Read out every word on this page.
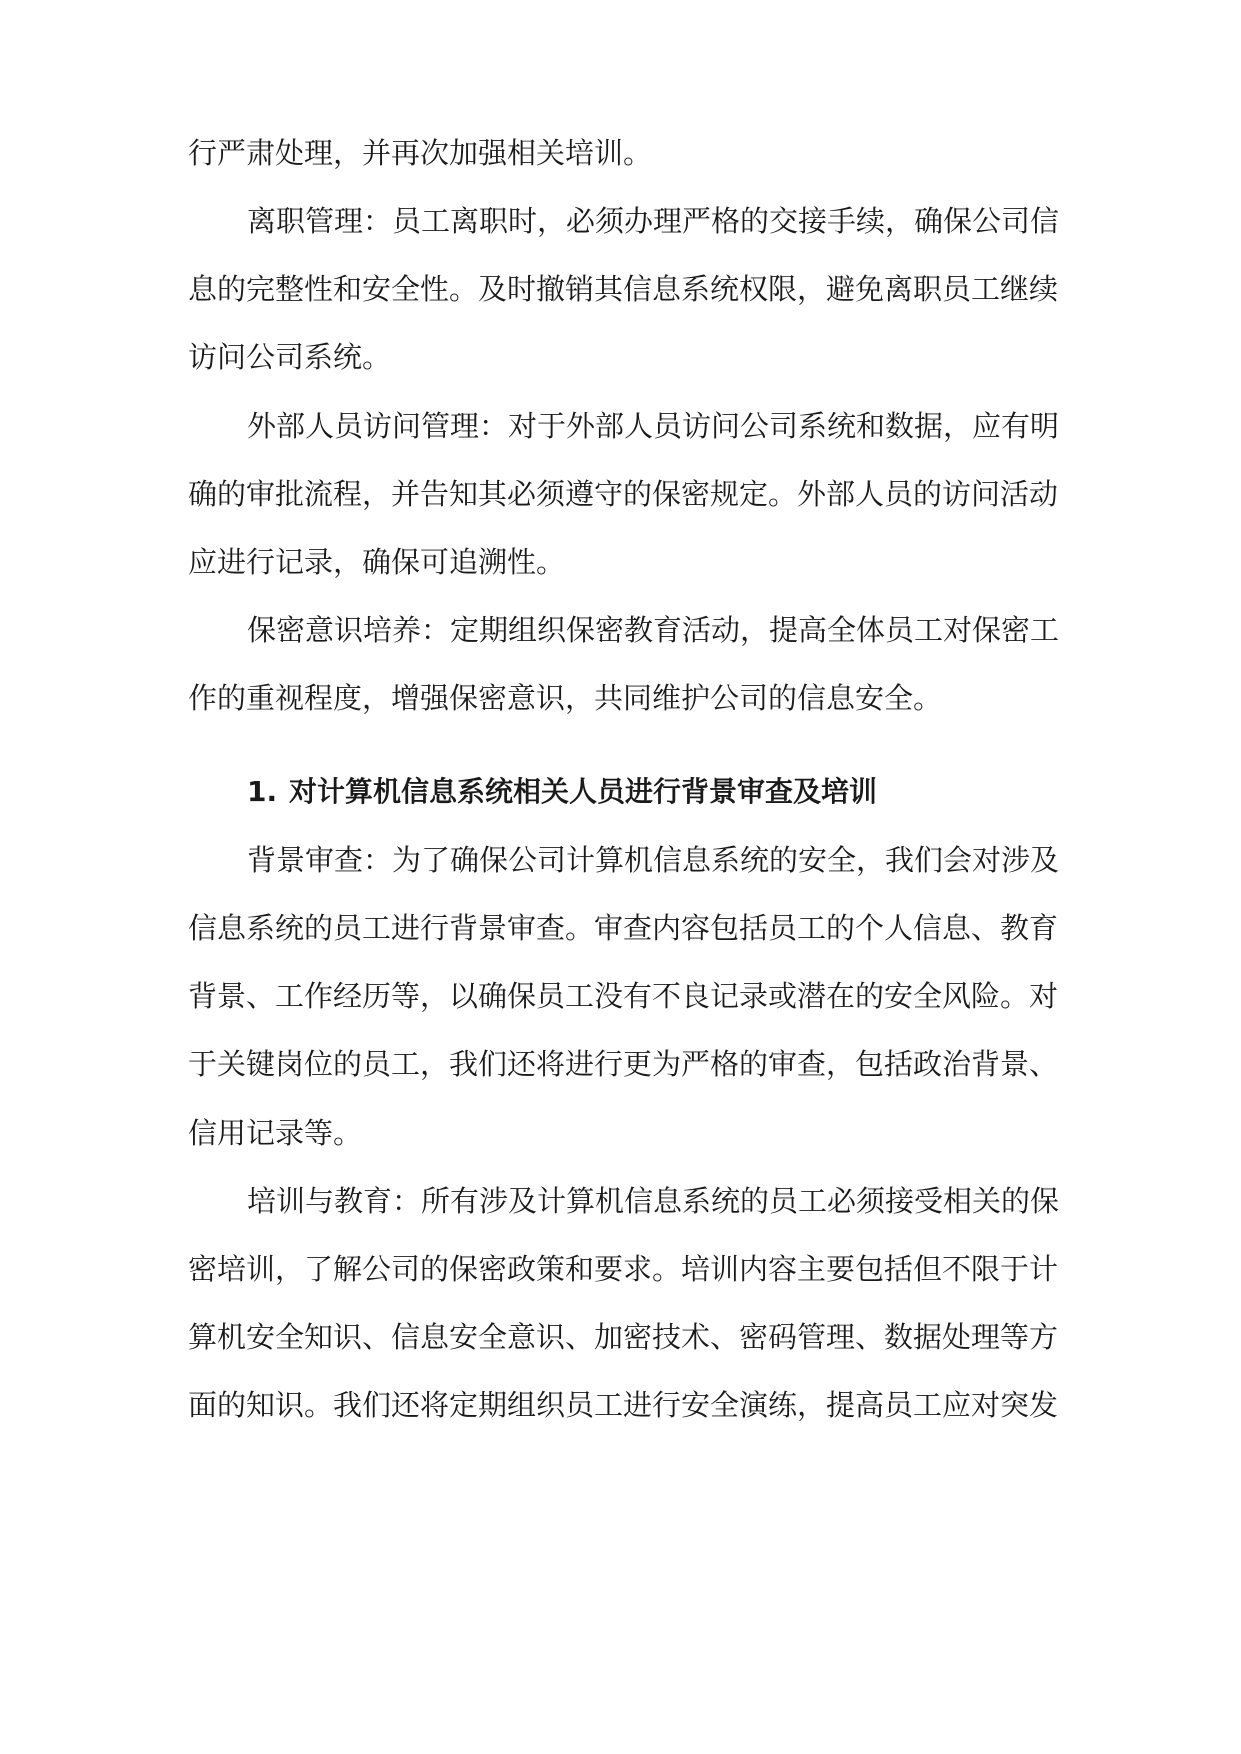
行严肃处理，并再次加强相关培训。

离职管理：员工离职时，必须办理严格的交接手续，确保公司信

息的完整性和安全性。及时撤销其信息系统权限，避免离职员工继续

访问公司系统。

外部人员访问管理：对于外部人员访问公司系统和数据，应有明

确的审批流程，并告知其必须遵守的保密规定。外部人员的访问活动

应进行记录，确保可追溯性。

保密意识培养：定期组织保密教育活动，提高全体员工对保密工

作的重视程度，增强保密意识，共同维护公司的信息安全。

1. 对计算机信息系统相关人员进行背景审查及培训

背景审查：为了确保公司计算机信息系统的安全，我们会对涉及

信息系统的员工进行背景审查。审查内容包括员工的个人信息、教育

背景、工作经历等，以确保员工没有不良记录或潜在的安全风险。对

于关键岗位的员工，我们还将进行更为严格的审查，包括政治背景、

信用记录等。

培训与教育：所有涉及计算机信息系统的员工必须接受相关的保

密培训，了解公司的保密政策和要求。培训内容主要包括但不限于计

算机安全知识、信息安全意识、加密技术、密码管理、数据处理等方

面的知识。我们还将定期组织员工进行安全演练，提高员工应对突发
